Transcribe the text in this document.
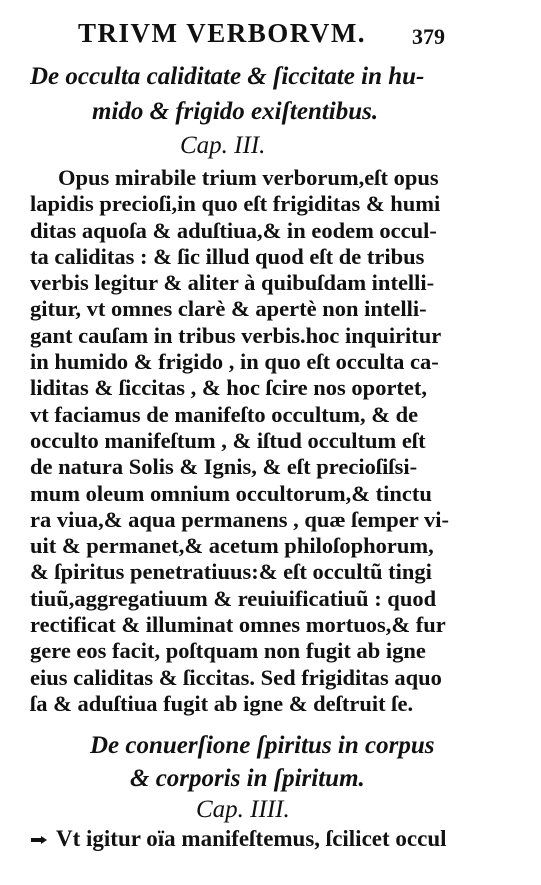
TRIVM VERBORVM. 379
De occulta caliditate & ſiccitate in hu-
mido & frigido exiſtentibus.
Cap. III.
Opus mirabile trium verborum,eſt opus
lapidis precioſi,in quo eſt frigiditas & humi
ditas aquoſa & aduſtiua,& in eodem occul-
ta caliditas : & ſic illud quod eſt de tribus
verbis legitur & aliter à quibuſdam intelli-
gitur, vt omnes clarè & apertè non intelli-
gant cauſam in tribus verbis.hoc inquiritur
in humido & frigido , in quo eſt occulta ca-
liditas & ſiccitas , & hoc ſcire nos oportet,
vt faciamus de manifeſto occultum, & de
occulto manifeſtum , & iſtud occultum eſt
de natura Solis & Ignis, & eſt precioſiſsi-
mum oleum omnium occultorum,& tinctu
ra viua,& aqua permanens , quæ ſemper vi-
uit & permanet,& acetum philoſophorum,
& ſpiritus penetratiuus:& eſt occultũ tingi
tiuũ,aggregatiuum & reuiuificatiuũ : quod
rectificat & illuminat omnes mortuos,& fur
gere eos facit, poſtquam non fugit ab igne
eius caliditas & ſiccitas. Sed frigiditas aquo
ſa & aduſtiua fugit ab igne & deſtruit ſe.
De conuerſione ſpiritus in corpus
& corporis in ſpiritum.
Cap. IIII.
Vt igitur oïa manifeſtemus, ſcilicet occul
